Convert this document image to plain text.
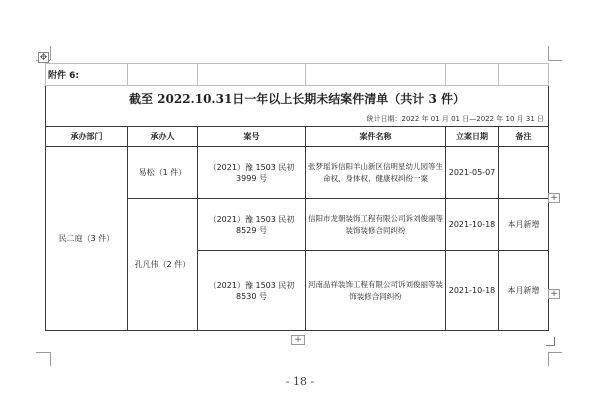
✥
附件 6:					
截至 2022.10.31日一年以上长期未结案件清单（共计 3 件）					
统计日期：2022 年 01 月 01 日—2022 年 10 月 31 日					
承办部门	承办人	案号	案件名称	立案日期	备注
民二庭（3 件）	易松（1 件）	（2021）豫 1503 民初 3999 号	张梦瑶诉信阳羊山新区信明星幼儿园等生命权、身体权、健康权纠纷一案	2021-05-07	
	孔凡伟（2 件）	（2021）豫 1503 民初 8529 号	信阳市龙朝装饰工程有限公司诉刘俊丽等装饰装修合同纠纷	2021-10-18	本月新增
		（2021）豫 1503 民初 8530 号	河南品祥装饰工程有限公司诉刘俊丽等装饰装修合同纠纷	2021-10-18	本月新增
+
+
+
- 18 -
